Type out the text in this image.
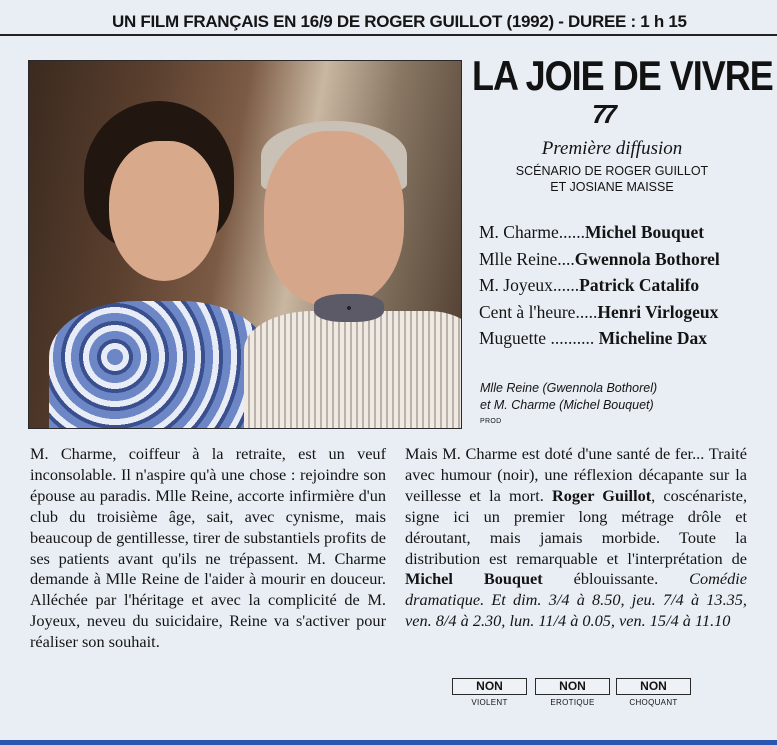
UN FILM FRANÇAIS EN 16/9 DE ROGER GUILLOT (1992) - DUREE : 1 h 15
LA JOIE DE VIVRE
77
Première diffusion
SCÉNARIO DE ROGER GUILLOT
ET JOSIANE MAISSE
M. Charme......Michel Bouquet
Mlle Reine....Gwennola Bothorel
M. Joyeux......Patrick Catalifo
Cent à l'heure.....Henri Virlogeux
Muguette .......... Micheline Dax
Mlle Reine (Gwennola Bothorel)
et M. Charme (Michel Bouquet)
PROD
M. Charme, coiffeur à la retraite, est un veuf inconsolable. Il n'aspire qu'à une chose : rejoindre son épouse au paradis. Mlle Reine, accorte infirmière d'un club du troisième âge, sait, avec cynisme, mais beaucoup de gentillesse, tirer de substantiels profits de ses patients avant qu'ils ne trépassent. M. Charme demande à Mlle Reine de l'aider à mourir en douceur. Alléchée par l'héritage et avec la complicité de M. Joyeux, neveu du suicidaire, Reine va s'activer pour réaliser son souhait.
Mais M. Charme est doté d'une santé de fer... Traité avec humour (noir), une réflexion décapante sur la veillesse et la mort. Roger Guillot, coscénariste, signe ici un premier long métrage drôle et déroutant, mais jamais morbide. Toute la distribution est remarquable et l'interprétation de Michel Bouquet éblouissante. Comédie dramatique. Et dim. 3/4 à 8.50, jeu. 7/4 à 13.35, ven. 8/4 à 2.30, lun. 11/4 à 0.05, ven. 15/4 à 11.10
NON
VIOLENT
NON
EROTIQUE
NON
CHOQUANT
